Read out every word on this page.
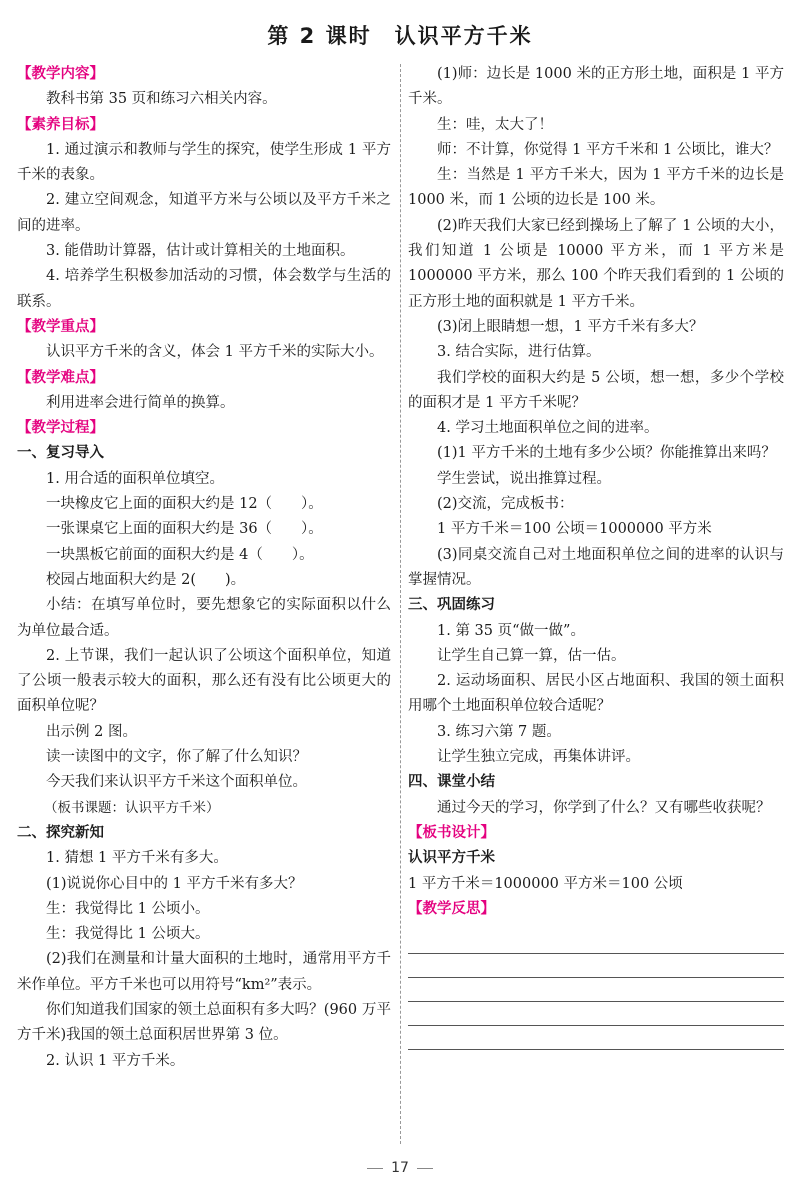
第 2 课时　认识平方千米

【教学内容】

教科书第 35 页和练习六相关内容。

【素养目标】

1. 通过演示和教师与学生的探究，使学生形成 1 平方千米的表象。

2. 建立空间观念，知道平方米与公顷以及平方千米之间的进率。

3. 能借助计算器，估计或计算相关的土地面积。

4. 培养学生积极参加活动的习惯，体会数学与生活的联系。

【教学重点】

认识平方千米的含义，体会 1 平方千米的实际大小。

【教学难点】

利用进率会进行简单的换算。

【教学过程】

一、复习导入

1. 用合适的面积单位填空。

一块橡皮它上面的面积大约是 12（　　）。

一张课桌它上面的面积大约是 36（　　）。

一块黑板它前面的面积大约是 4（　　）。

校园占地面积大约是 2(　　)。

小结：在填写单位时，要先想象它的实际面积以什么为单位最合适。

2. 上节课，我们一起认识了公顷这个面积单位，知道了公顷一般表示较大的面积，那么还有没有比公顷更大的面积单位呢？

出示例 2 图。

读一读图中的文字，你了解了什么知识？

今天我们来认识平方千米这个面积单位。

（板书课题：认识平方千米）

二、探究新知

1. 猜想 1 平方千米有多大。

(1)说说你心目中的 1 平方千米有多大？

生：我觉得比 1 公顷小。

生：我觉得比 1 公顷大。

(2)我们在测量和计量大面积的土地时，通常用平方千米作单位。平方千米也可以用符号“km²”表示。

你们知道我们国家的领土总面积有多大吗？(960 万平方千米)我国的领土总面积居世界第 3 位。

2. 认识 1 平方千米。

(1)师：边长是 1000 米的正方形土地，面积是 1 平方千米。

生：哇，太大了！

师：不计算，你觉得 1 平方千米和 1 公顷比，谁大？

生：当然是 1 平方千米大，因为 1 平方千米的边长是 1000 米，而 1 公顷的边长是 100 米。

(2)昨天我们大家已经到操场上了解了 1 公顷的大小，我们知道 1 公顷是 10000 平方米，而 1 平方米是 1000000 平方米，那么 100 个昨天我们看到的 1 公顷的正方形土地的面积就是 1 平方千米。

(3)闭上眼睛想一想，1 平方千米有多大？

3. 结合实际，进行估算。

我们学校的面积大约是 5 公顷，想一想，多少个学校的面积才是 1 平方千米呢？

4. 学习土地面积单位之间的进率。

(1)1 平方千米的土地有多少公顷？你能推算出来吗？

学生尝试，说出推算过程。

(2)交流，完成板书：

1 平方千米＝100 公顷＝1000000 平方米

(3)同桌交流自己对土地面积单位之间的进率的认识与掌握情况。

三、巩固练习

1. 第 35 页“做一做”。

让学生自己算一算，估一估。

2. 运动场面积、居民小区占地面积、我国的领土面积用哪个土地面积单位较合适呢？

3. 练习六第 7 题。

让学生独立完成，再集体讲评。

四、课堂小结

通过今天的学习，你学到了什么？又有哪些收获呢？

【板书设计】

认识平方千米

1 平方千米＝1000000 平方米＝100 公顷

【教学反思】

17
